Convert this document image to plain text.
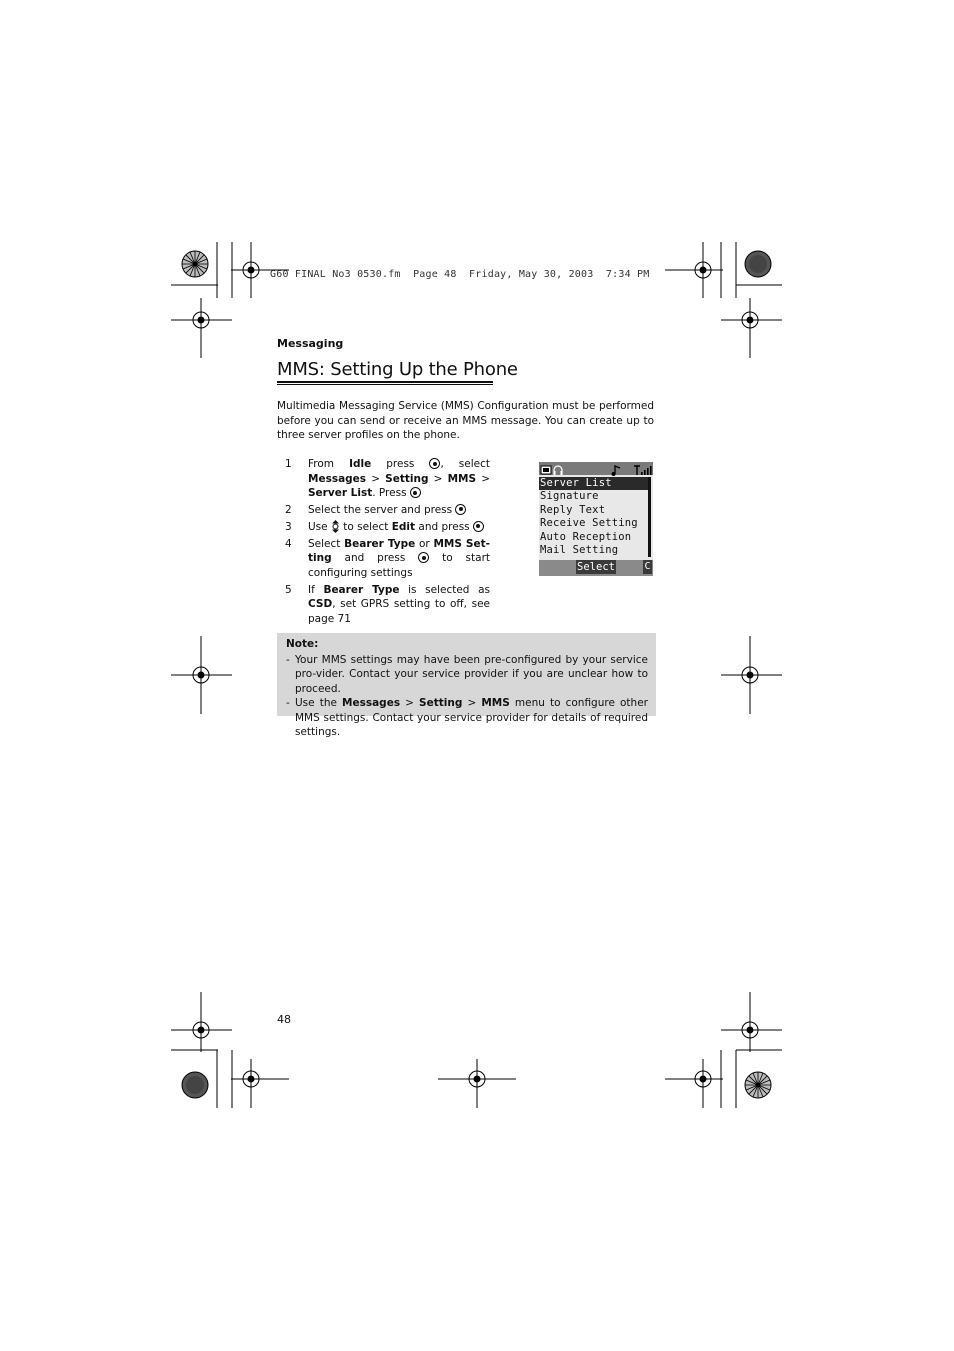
G60 FINAL No3 0530.fm  Page 48  Friday, May 30, 2003  7:34 PM
Messaging
MMS: Setting Up the Phone
Multimedia Messaging Service (MMS) Configuration must be performed before you can send or receive an MMS message. You can create up to three server profiles on the phone.
1	From Idle press , select Messages > Setting > MMS > Server List. Press
2	Select the server and press
3	Use  to select Edit and press
4	Select Bearer Type or MMS Set-ting and press  to start configuring settings
5	If Bearer Type is selected as CSD, set GPRS setting to off, see page 71
Server List
Signature
Reply Text
Receive Setting
Auto Reception
Mail Setting
Select	C
Note:
- Your MMS settings may have been pre-configured by your service pro-vider. Contact your service provider if you are unclear how to proceed.
- Use the Messages > Setting > MMS menu to configure other MMS settings. Contact your service provider for details of required settings.
48
